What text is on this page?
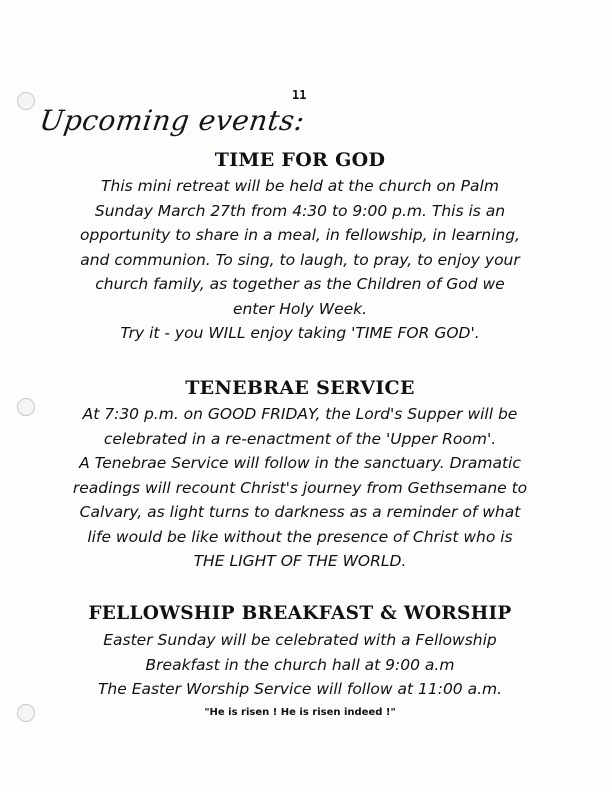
11
Upcoming events:
TIME FOR GOD

This mini retreat will be held at the church on Palm

Sunday March 27th from 4:30 to 9:00 p.m. This is an

opportunity to share in a meal, in fellowship, in learning,

and communion. To sing, to laugh, to pray, to enjoy your

church family, as together as the Children of God we

enter Holy Week.

Try it - you WILL enjoy taking 'TIME FOR GOD'.

TENEBRAE SERVICE

At 7:30 p.m. on GOOD FRIDAY, the Lord's Supper will be

celebrated in a re-enactment of the 'Upper Room'.

A Tenebrae Service will follow in the sanctuary. Dramatic

readings will recount Christ's journey from Gethsemane to

Calvary, as light turns to darkness as a reminder of what

life would be like without the presence of Christ who is

THE LIGHT OF THE WORLD.

FELLOWSHIP BREAKFAST & WORSHIP

Easter Sunday will be celebrated with a Fellowship

Breakfast in the church hall at 9:00 a.m

The Easter Worship Service will follow at 11:00 a.m.

"He is risen ! He is risen indeed !"
